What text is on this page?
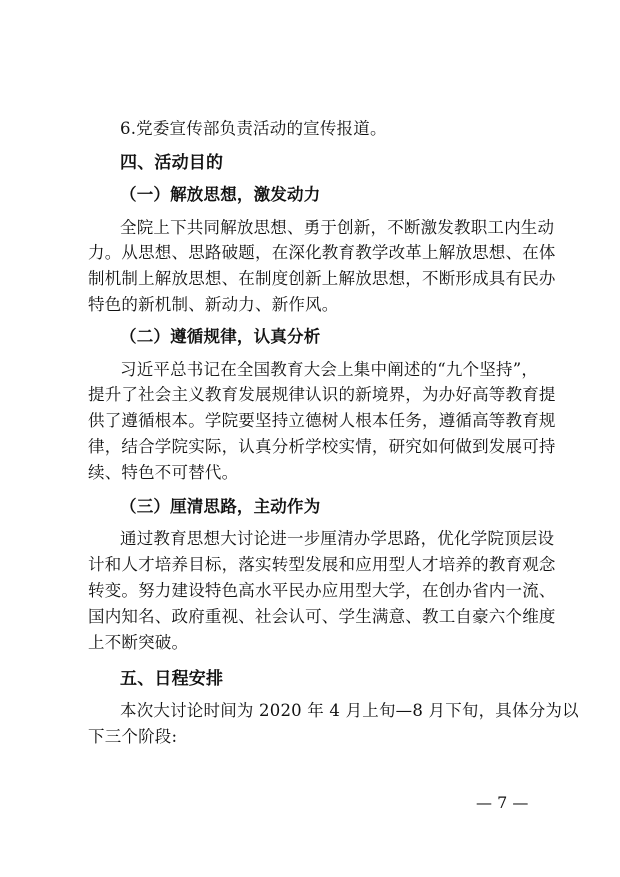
6.党委宣传部负责活动的宣传报道。
四、活动目的
（一）解放思想，激发动力
全院上下共同解放思想、勇于创新，不断激发教职工内生动
力。从思想、思路破题，在深化教育教学改革上解放思想、在体
制机制上解放思想、在制度创新上解放思想，不断形成具有民办
特色的新机制、新动力、新作风。
（二）遵循规律，认真分析
习近平总书记在全国教育大会上集中阐述的“九个坚持”，
提升了社会主义教育发展规律认识的新境界，为办好高等教育提
供了遵循根本。学院要坚持立德树人根本任务，遵循高等教育规
律，结合学院实际，认真分析学校实情，研究如何做到发展可持
续、特色不可替代。
（三）厘清思路，主动作为
通过教育思想大讨论进一步厘清办学思路，优化学院顶层设
计和人才培养目标，落实转型发展和应用型人才培养的教育观念
转变。努力建设特色高水平民办应用型大学，在创办省内一流、
国内知名、政府重视、社会认可、学生满意、教工自豪六个维度
上不断突破。
五、日程安排
本次大讨论时间为 2020 年 4 月上旬—8 月下旬，具体分为以
下三个阶段:
— 7 —
